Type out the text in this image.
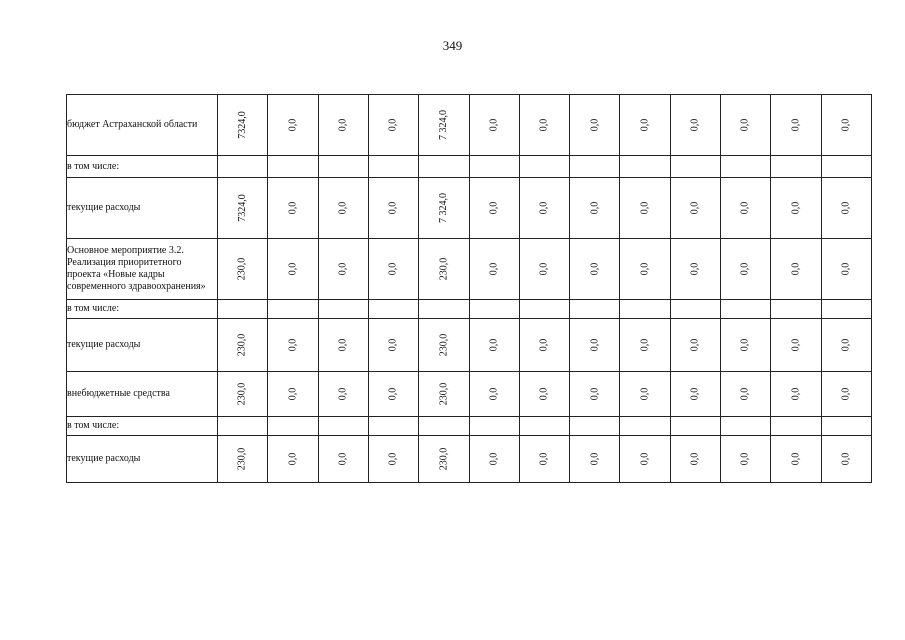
349
бюджет Астраханской области	7324,0	0,0	0,0	0,0	7 324,0	0,0	0,0	0,0	0,0	0,0	0,0	0,0	0,0
в том числе:													
текущие расходы	7324,0	0,0	0,0	0,0	7 324,0	0,0	0,0	0,0	0,0	0,0	0,0	0,0	0,0
Основное мероприятие 3.2. Реализация приоритетного проекта «Новые кадры современного здравоохранения»	230,0	0,0	0,0	0,0	230,0	0,0	0,0	0,0	0,0	0,0	0,0	0,0	0,0
в том числе:													
текущие расходы	230,0	0,0	0,0	0,0	230,0	0,0	0,0	0,0	0,0	0,0	0,0	0,0	0,0
внебюджетные средства	230,0	0,0	0,0	0,0	230,0	0,0	0,0	0,0	0,0	0,0	0,0	0,0	0,0
в том числе:													
текущие расходы	230,0	0,0	0,0	0,0	230,0	0,0	0,0	0,0	0,0	0,0	0,0	0,0	0,0
